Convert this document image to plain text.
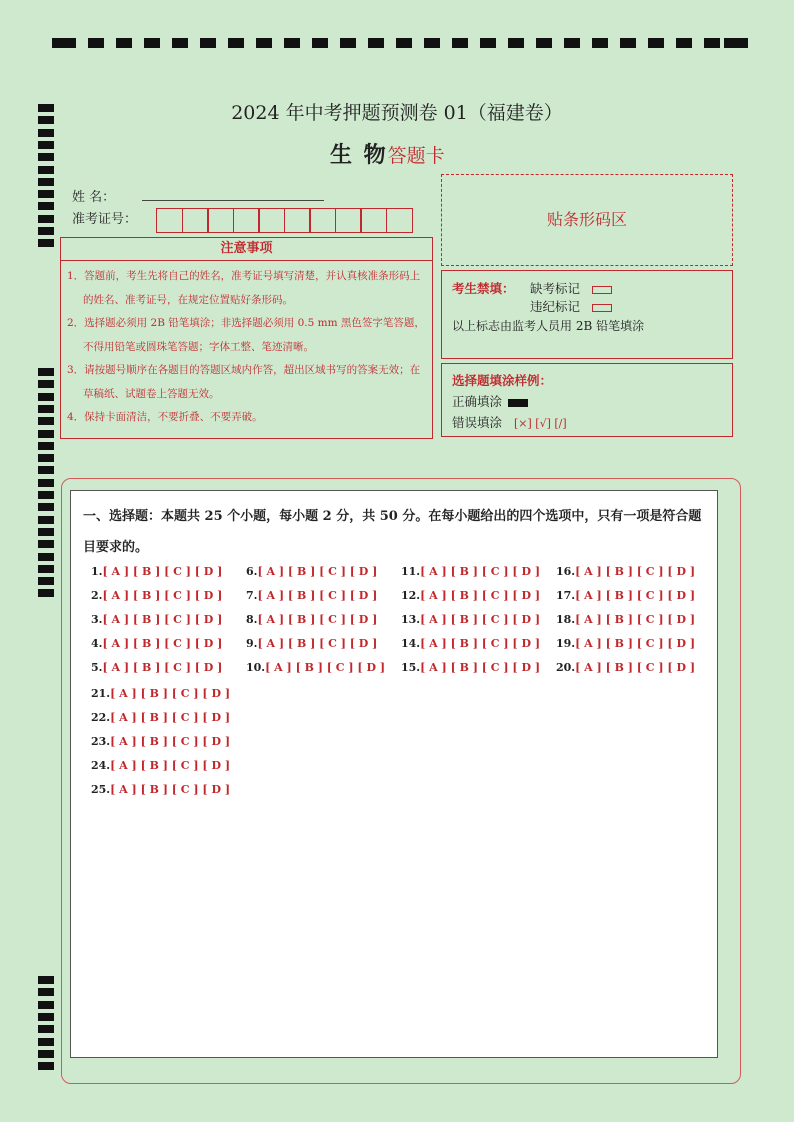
2024 年中考押题预测卷 01（福建卷）
生 物答题卡
姓 名：
准考证号：	贴条形码区
注意事项
1．答题前，考生先将自己的姓名，准考证号填写清楚，并认真核准条形码上的姓名、准考证号，在规定位置贴好条形码。
2．选择题必须用 2B 铅笔填涂；非选择题必须用 0.5 mm 黑色签字笔答题，不得用铅笔或圆珠笔答题；字体工整、笔迹清晰。
3．请按题号顺序在各题目的答题区域内作答，超出区域书写的答案无效；在草稿纸、试题卷上答题无效。
4．保持卡面清洁，不要折叠、不要弄破。
考生禁填： 缺考标记
违纪标记
以上标志由监考人员用 2B 铅笔填涂
选择题填涂样例：
正确填涂
错误填涂 [×] [√] [/]
一、选择题：本题共 25 个小题，每小题 2 分，共 50 分。在每小题给出的四个选项中，只有一项是符合题目要求的。
1.[ A ] [ B ] [ C ] [ D ]
2.[ A ] [ B ] [ C ] [ D ]
3.[ A ] [ B ] [ C ] [ D ]
4.[ A ] [ B ] [ C ] [ D ]
5.[ A ] [ B ] [ C ] [ D ]
6.[ A ] [ B ] [ C ] [ D ]
7.[ A ] [ B ] [ C ] [ D ]
8.[ A ] [ B ] [ C ] [ D ]
9.[ A ] [ B ] [ C ] [ D ]
10.[ A ] [ B ] [ C ] [ D ]
11.[ A ] [ B ] [ C ] [ D ]
12.[ A ] [ B ] [ C ] [ D ]
13.[ A ] [ B ] [ C ] [ D ]
14.[ A ] [ B ] [ C ] [ D ]
15.[ A ] [ B ] [ C ] [ D ]
16.[ A ] [ B ] [ C ] [ D ]
17.[ A ] [ B ] [ C ] [ D ]
18.[ A ] [ B ] [ C ] [ D ]
19.[ A ] [ B ] [ C ] [ D ]
20.[ A ] [ B ] [ C ] [ D ]
21.[ A ] [ B ] [ C ] [ D ]
22.[ A ] [ B ] [ C ] [ D ]
23.[ A ] [ B ] [ C ] [ D ]
24.[ A ] [ B ] [ C ] [ D ]
25.[ A ] [ B ] [ C ] [ D ]
